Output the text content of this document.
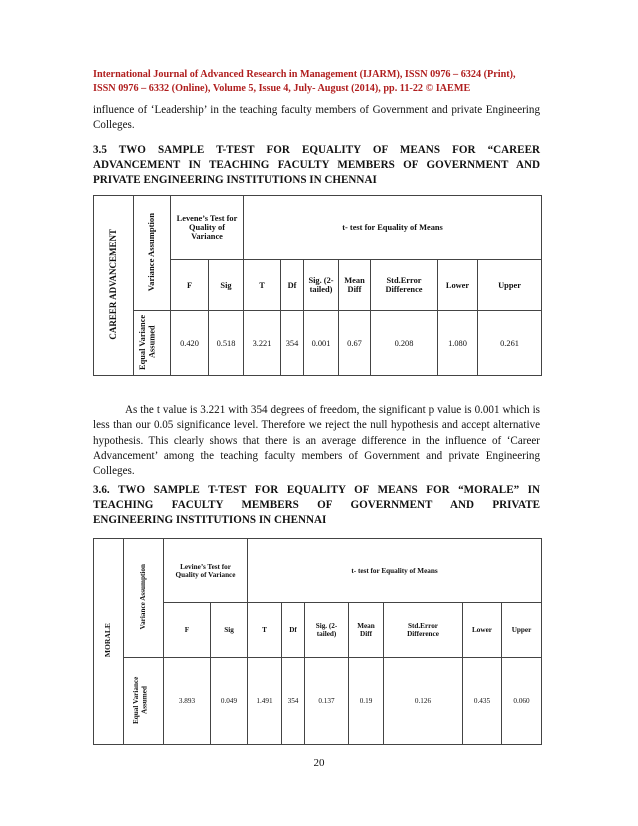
International Journal of Advanced Research in Management (IJARM), ISSN 0976 – 6324 (Print),
ISSN 0976 – 6332 (Online), Volume 5, Issue 4, July- August (2014), pp. 11-22 © IAEME
influence of ‘Leadership’ in the teaching faculty members of Government and private Engineering Colleges.
3.5 TWO SAMPLE T-TEST FOR EQUALITY OF MEANS FOR “CAREER
ADVANCEMENT IN TEACHING FACULTY MEMBERS OF GOVERNMENT AND
PRIVATE ENGINEERING INSTITUTIONS IN CHENNAI
CAREER ADVANCEMENT	Variance Assumption	Levene’s Test for Quality of Variance		t- test for Equality of Means						
		F	Sig	T	Df	Sig. (2-tailed)	Mean Diff	Std.Error Difference	Lower	Upper
	Equal Variance Assumed	0.420	0.518	3.221	354	0.001	0.67	0.208	1.080	0.261
As the t value is 3.221 with 354 degrees of freedom, the significant p value is 0.001 which is less than our 0.05 significance level. Therefore we reject the null hypothesis and accept alternative hypothesis. This clearly shows that there is an average difference in the influence of ‘Career Advancement’ among the teaching faculty members of Government and private Engineering Colleges.
3.6. TWO SAMPLE T-TEST FOR EQUALITY OF MEANS FOR “MORALE” IN
TEACHING FACULTY MEMBERS OF GOVERNMENT AND PRIVATE
ENGINEERING INSTITUTIONS IN CHENNAI
MORALE	Variance Assumption	Levine’s Test for Quality of Variance		t- test for Equality of Means						
		F	Sig	T	Df	Sig. (2-tailed)	Mean Diff	Std.Error Difference	Lower	Upper
	Equal Variance Assumed	3.893	0.049	1.491	354	0.137	0.19	0.126	0.435	0.060
20
